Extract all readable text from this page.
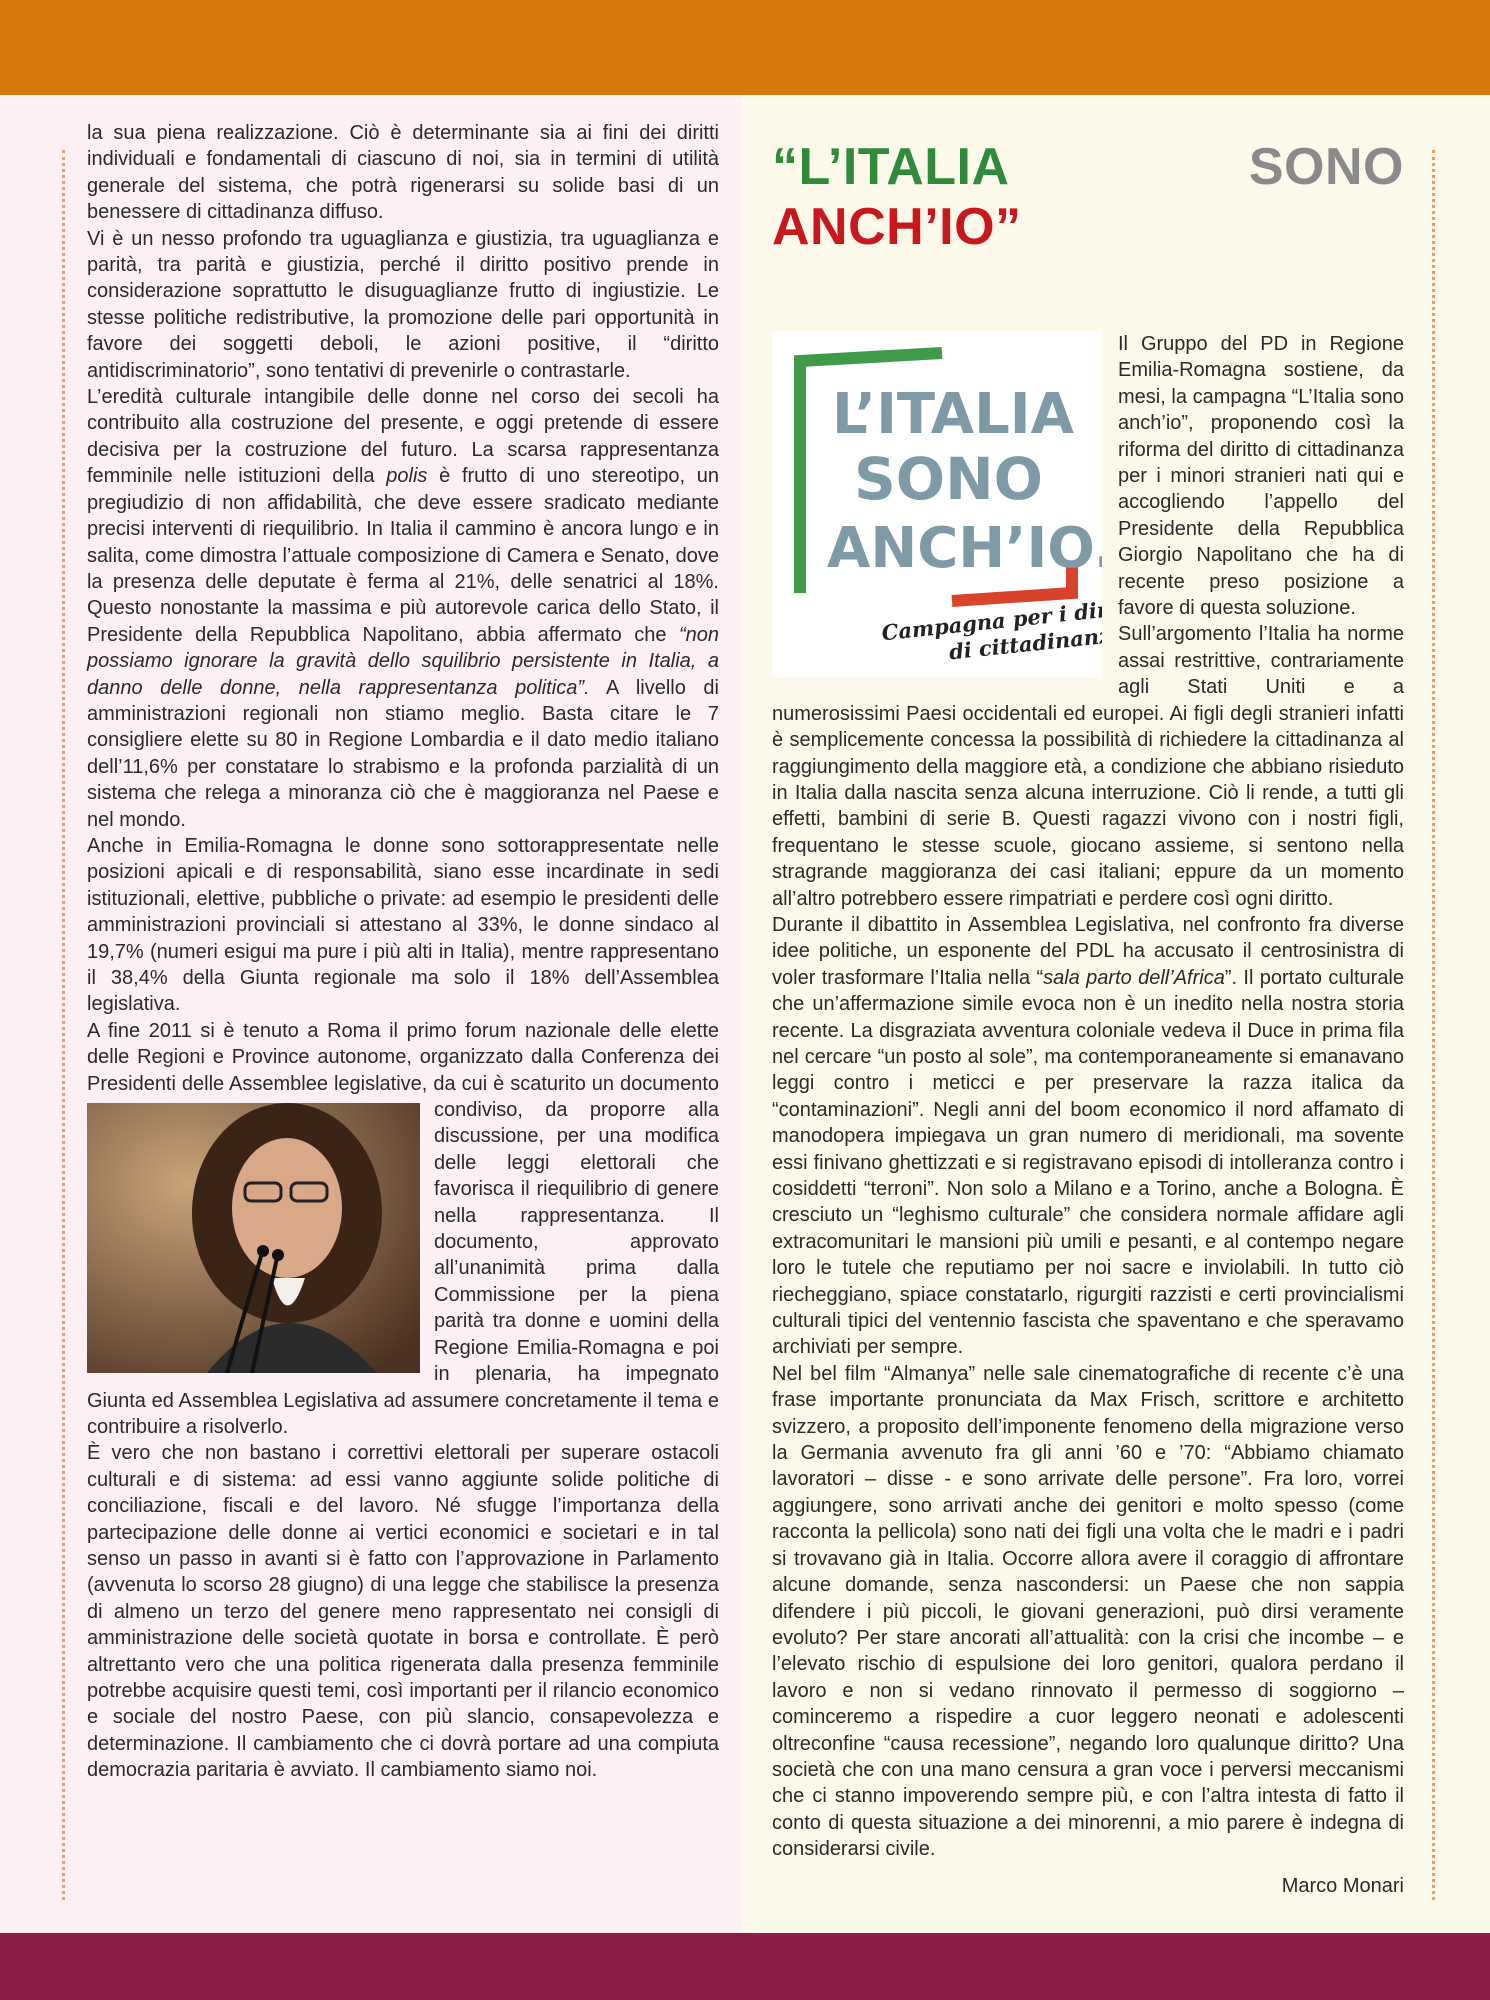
la sua piena realizzazione. Ciò è determinante sia ai fini dei diritti individuali e fondamentali di ciascuno di noi, sia in termini di utilità generale del sistema, che potrà rigenerarsi su solide basi di un benessere di cittadinanza diffuso.

Vi è un nesso profondo tra uguaglianza e giustizia, tra uguaglianza e parità, tra parità e giustizia, perché il diritto positivo prende in considerazione soprattutto le disuguaglianze frutto di ingiustizie. Le stesse politiche redistributive, la promozione delle pari opportunità in favore dei soggetti deboli, le azioni positive, il “diritto antidiscriminatorio”, sono tentativi di prevenirle o contrastarle.

L’eredità culturale intangibile delle donne nel corso dei secoli ha contribuito alla costruzione del presente, e oggi pretende di essere decisiva per la costruzione del futuro. La scarsa rappresentanza femminile nelle istituzioni della polis è frutto di uno stereotipo, un pregiudizio di non affidabilità, che deve essere sradicato mediante precisi interventi di riequilibrio. In Italia il cammino è ancora lungo e in salita, come dimostra l’attuale composizione di Camera e Senato, dove la presenza delle deputate è ferma al 21%, delle senatrici al 18%. Questo nonostante la massima e più autorevole carica dello Stato, il Presidente della Repubblica Napolitano, abbia affermato che “non possiamo ignorare la gravità dello squilibrio persistente in Italia, a danno delle donne, nella rappresentanza politica”. A livello di amministrazioni regionali non stiamo meglio. Basta citare le 7 consigliere elette su 80 in Regione Lombardia e il dato medio italiano dell’11,6% per constatare lo strabismo e la profonda parzialità di un sistema che relega a minoranza ciò che è maggioranza nel Paese e nel mondo.

Anche in Emilia-Romagna le donne sono sottorappresentate nelle posizioni apicali e di responsabilità, siano esse incardinate in sedi istituzionali, elettive, pubbliche o private: ad esempio le presidenti delle amministrazioni provinciali si attestano al 33%, le donne sindaco al 19,7% (numeri esigui ma pure i più alti in Italia), mentre rappresentano il 38,4% della Giunta regionale ma solo il 18% dell’Assemblea legislativa.

A fine 2011 si è tenuto a Roma il primo forum nazionale delle elette delle Regioni e Province autonome, organizzato dalla Conferenza dei Presidenti delle Assemblee legislative, da cui è scaturito un documento condiviso,
da proporre alla discussione, per una modifica delle leggi elettorali che favorisca il riequilibrio di genere nella rappresentanza. Il documento, approvato all’unanimità prima dalla Commissione per la piena parità tra donne e uomini della Regione Emilia-Romagna e poi in plenaria, ha impegnato Giunta ed Assemblea Legislativa ad assumere concretamente il tema e contribuire a risolverlo.

È vero che non bastano i correttivi elettorali per superare ostacoli culturali e di sistema: ad essi vanno aggiunte solide politiche di conciliazione, fiscali e del lavoro. Né sfugge l’importanza della partecipazione delle donne ai vertici economici e societari e in tal senso un passo in avanti si è fatto con l’approvazione in Parlamento (avvenuta lo scorso 28 giugno) di una legge che stabilisce la presenza di almeno un terzo del genere meno rappresentato nei consigli di amministrazione delle società quotate in borsa e controllate. È però altrettanto vero che una politica rigenerata dalla presenza femminile potrebbe acquisire questi temi, così importanti per il rilancio economico e sociale del nostro Paese, con più slancio, consapevolezza e determinazione. Il cambiamento che ci dovrà portare ad una compiuta democrazia paritaria è avviato. Il cambiamento siamo noi.

“L’ITALIA	SONO ANCH’IO”
L’ITALIA
SONO
ANCH’IO.
Campagna per i diritti
di cittadinanza.

Il Gruppo del PD in Regione Emilia-Romagna sostiene, da mesi, la campagna “L’Italia sono anch’io”, proponendo così la riforma del diritto di cittadinanza per i minori stranieri nati qui e accogliendo l’appello del Presidente della Repubblica Giorgio Napolitano che ha di recente preso posizione a favore di questa soluzione.

Sull’argomento l’Italia ha norme assai restrittive, contrariamente agli Stati Uniti e a numerosissimi Paesi occidentali ed europei. Ai figli degli stranieri infatti è semplicemente concessa la possibilità di richiedere la cittadinanza al raggiungimento della maggiore età, a condizione che abbiano risieduto in Italia dalla nascita senza alcuna interruzione. Ciò li rende, a tutti gli effetti, bambini di serie B. Questi ragazzi vivono con i nostri figli, frequentano le stesse scuole, giocano assieme, si sentono nella stragrande maggioranza dei casi italiani; eppure da un momento all’altro potrebbero essere rimpatriati e perdere così ogni diritto.

Durante il dibattito in Assemblea Legislativa, nel confronto fra diverse idee politiche, un esponente del PDL ha accusato il centrosinistra di voler trasformare l’Italia nella “sala parto dell’Africa”. Il portato culturale che un’affermazione simile evoca non è un inedito nella nostra storia recente. La disgraziata avventura coloniale vedeva il Duce in prima fila nel cercare “un posto al sole”, ma contemporaneamente si emanavano leggi contro i meticci e per preservare la razza italica da “contaminazioni”. Negli anni del boom economico il nord affamato di manodopera impiegava un gran numero di meridionali, ma sovente essi finivano ghettizzati e si registravano episodi di intolleranza contro i cosiddetti “terroni”. Non solo a Milano e a Torino, anche a Bologna. È cresciuto un “leghismo culturale” che considera normale affidare agli extracomunitari le mansioni più umili e pesanti, e al contempo negare loro le tutele che reputiamo per noi sacre e inviolabili. In tutto ciò riecheggiano, spiace constatarlo, rigurgiti razzisti e certi provincialismi culturali tipici del ventennio fascista che spaventano e che speravamo archiviati per sempre.

Nel bel film “Almanya” nelle sale cinematografiche di recente c’è una frase importante pronunciata da Max Frisch, scrittore e architetto svizzero, a proposito dell’imponente fenomeno della migrazione verso la Germania avvenuto fra gli anni ’60 e ’70: “Abbiamo chiamato lavoratori – disse - e sono arrivate delle persone”. Fra loro, vorrei aggiungere, sono arrivati anche dei genitori e molto spesso (come racconta la pellicola) sono nati dei figli una volta che le madri e i padri si trovavano già in Italia. Occorre allora avere il coraggio di affrontare alcune domande, senza nascondersi: un Paese che non sappia difendere i più piccoli, le giovani generazioni, può dirsi veramente evoluto? Per stare ancorati all’attualità: con la crisi che incombe – e l’elevato rischio di espulsione dei loro genitori, qualora perdano il lavoro e non si vedano rinnovato il permesso di soggiorno – cominceremo a rispedire a cuor leggero neonati e adolescenti oltreconfine “causa recessione”, negando loro qualunque diritto? Una società che con una mano censura a gran voce i perversi meccanismi che ci stanno impoverendo sempre più, e con l’altra intesta di fatto il conto di questa situazione a dei minorenni, a mio parere è indegna di considerarsi civile.

Marco Monari
